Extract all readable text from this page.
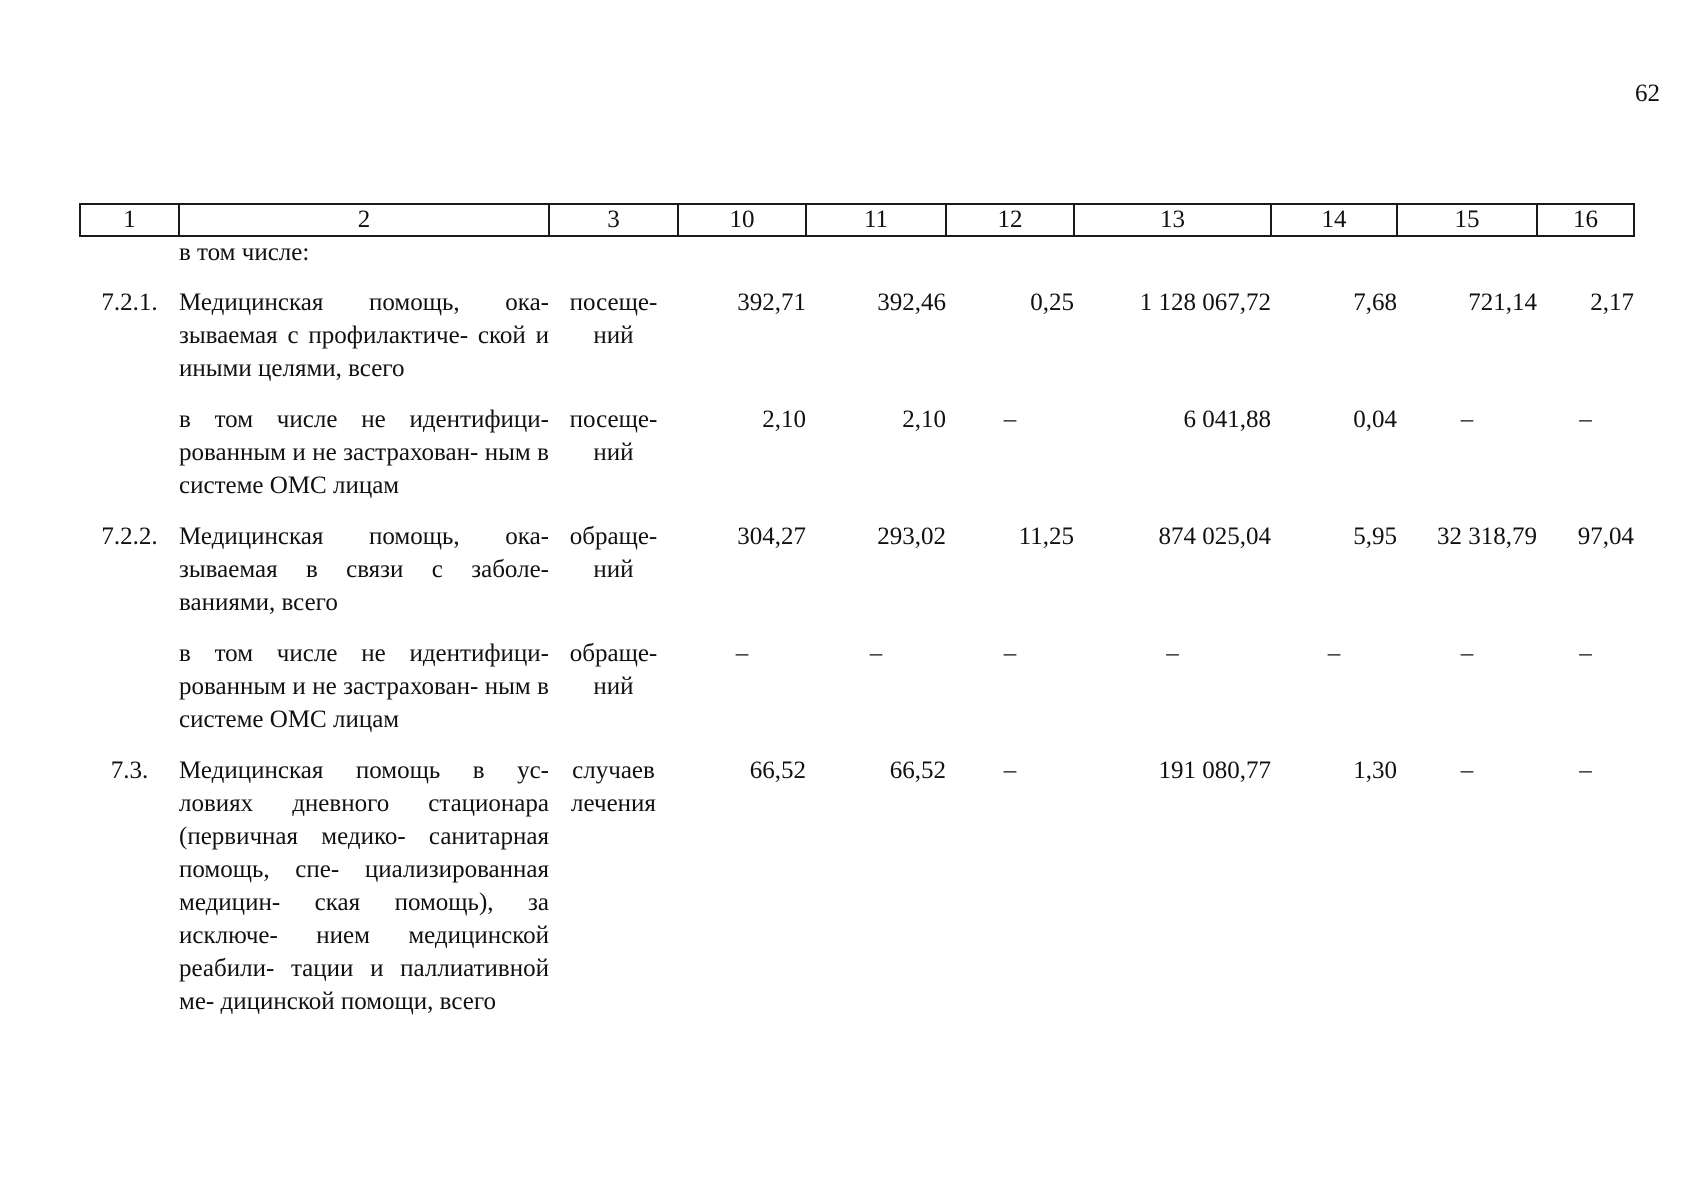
62
1	2	3	10	11	12	13	14	15	16
	в том числе:								
7.2.1.	Медицинская помощь, ока- зываемая с профилактиче- ской и иными целями, всего	посеще- ний	392,71	392,46	0,25	1 128 067,72	7,68	721,14	2,17

	в том числе не идентифици- рованным и не застрахован- ным в системе ОМС лицам	посеще- ний	2,10	2,10	–	6 041,88	0,04	–	–

7.2.2.	Медицинская помощь, ока- зываемая в связи с заболе- ваниями, всего	обраще- ний	304,27	293,02	11,25	874 025,04	5,95	32 318,79	97,04

	в том числе не идентифици- рованным и не застрахован- ным в системе ОМС лицам	обраще- ний	–	–	–	–	–	–	–

7.3.	Медицинская помощь в ус- ловиях дневного стационара (первичная медико- санитарная помощь, спе- циализированная медицин- ская помощь), за исключе- нием медицинской реабили- тации и паллиативной ме- дицинской помощи, всего	случаев лечения	66,52	66,52	–	191 080,77	1,30	–	–
